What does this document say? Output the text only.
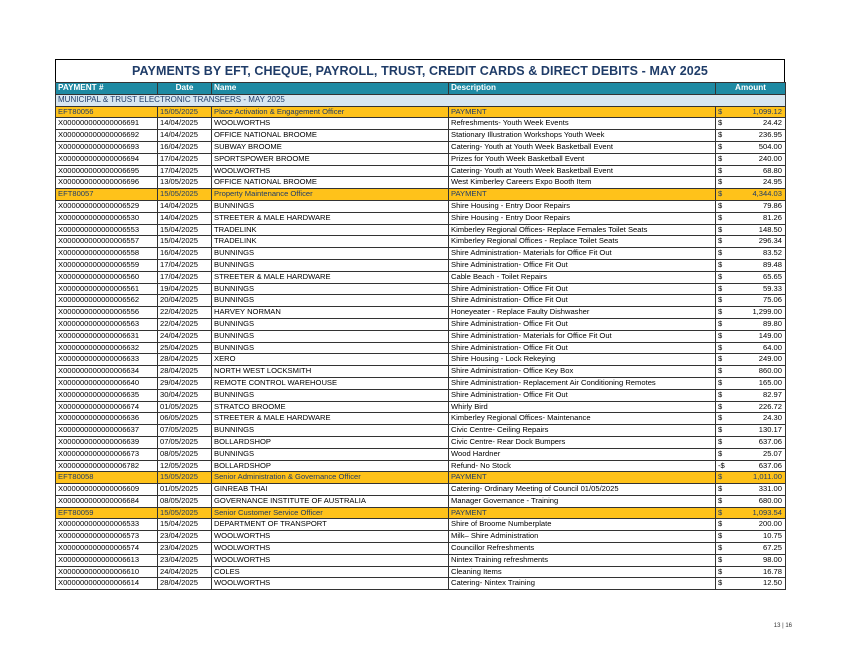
PAYMENTS BY EFT, CHEQUE, PAYROLL, TRUST, CREDIT CARDS & DIRECT DEBITS - MAY 2025
PAYMENT #	Date	Name	Description	Amount
MUNICIPAL & TRUST ELECTRONIC TRANSFERS - MAY 2025				
EFT80056	15/05/2025	Place Activation & Engagement Officer	PAYMENT	$ 1,099.12

X000000000000006691	14/04/2025	WOOLWORTHS	Refreshments- Youth Week Events	$ 24.42

X000000000000006692	14/04/2025	OFFICE NATIONAL BROOME	Stationary Illustration Workshops Youth Week	$ 236.95

X000000000000006693	16/04/2025	SUBWAY BROOME	Catering- Youth at Youth Week Basketball Event	$ 504.00

X000000000000006694	17/04/2025	SPORTSPOWER BROOME	Prizes for Youth Week Basketball Event	$ 240.00

X000000000000006695	17/04/2025	WOOLWORTHS	Catering- Youth at Youth Week Basketball Event	$ 68.80

X000000000000006696	13/05/2025	OFFICE NATIONAL BROOME	West Kimberley Careers Expo Booth Item	$ 24.95

EFT80057	15/05/2025	Property Maintenance Officer	PAYMENT	$ 4,344.03

X000000000000006529	14/04/2025	BUNNINGS	Shire Housing - Entry Door Repairs	$ 79.86

X000000000000006530	14/04/2025	STREETER & MALE HARDWARE	Shire Housing - Entry Door Repairs	$ 81.26

X000000000000006553	15/04/2025	TRADELINK	Kimberley Regional Offices- Replace Females Toilet Seats	$ 148.50

X000000000000006557	15/04/2025	TRADELINK	Kimberley Regional Offices - Replace Toilet Seats	$ 296.34

X000000000000006558	16/04/2025	BUNNINGS	Shire Administration- Materials for Office Fit Out	$ 83.52

X000000000000006559	17/04/2025	BUNNINGS	Shire Administration- Office Fit Out	$ 89.48

X000000000000006560	17/04/2025	STREETER & MALE HARDWARE	Cable Beach - Toilet Repairs	$ 65.65

X000000000000006561	19/04/2025	BUNNINGS	Shire Administration- Office Fit Out	$ 59.33

X000000000000006562	20/04/2025	BUNNINGS	Shire Administration- Office Fit Out	$ 75.06

X000000000000006556	22/04/2025	HARVEY NORMAN	Honeyeater - Replace Faulty Dishwasher	$ 1,299.00

X000000000000006563	22/04/2025	BUNNINGS	Shire Administration- Office Fit Out	$ 89.80

X000000000000006631	24/04/2025	BUNNINGS	Shire Administration- Materials for Office Fit Out	$ 149.00

X000000000000006632	25/04/2025	BUNNINGS	Shire Administration- Office Fit Out	$ 64.00

X000000000000006633	28/04/2025	XERO	Shire Housing - Lock Rekeying	$ 249.00

X000000000000006634	28/04/2025	NORTH WEST LOCKSMITH	Shire Administration- Office Key Box	$ 860.00

X000000000000006640	29/04/2025	REMOTE CONTROL WAREHOUSE	Shire Administration- Replacement Air Conditioning Remotes	$ 165.00

X000000000000006635	30/04/2025	BUNNINGS	Shire Administration- Office Fit Out	$ 82.97

X000000000000006674	01/05/2025	STRATCO BROOME	Whirly Bird	$ 226.72

X000000000000006636	06/05/2025	STREETER & MALE HARDWARE	Kimberley Regional Offices- Maintenance	$ 24.30

X000000000000006637	07/05/2025	BUNNINGS	Civic Centre- Ceiling Repairs	$ 130.17

X000000000000006639	07/05/2025	BOLLARDSHOP	Civic Centre- Rear Dock Bumpers	$ 637.06

X000000000000006673	08/05/2025	BUNNINGS	Wood Hardner	$ 25.07

X000000000000006782	12/05/2025	BOLLARDSHOP	Refund- No Stock	-$ 637.06

EFT80058	15/05/2025	Senior Administration & Governance Officer	PAYMENT	$ 1,011.00

X000000000000006609	01/05/2025	GINREAB THAI	Catering- Ordinary Meeting of Council 01/05/2025	$ 331.00

X000000000000006684	08/05/2025	GOVERNANCE INSTITUTE OF AUSTRALIA	Manager Governance - Training	$ 680.00

EFT80059	15/05/2025	Senior Customer Service Officer	PAYMENT	$ 1,093.54

X000000000000006533	15/04/2025	DEPARTMENT OF TRANSPORT	Shire of Broome Numberplate	$ 200.00

X000000000000006573	23/04/2025	WOOLWORTHS	Milk– Shire Administration	$ 10.75

X000000000000006574	23/04/2025	WOOLWORTHS	Councillor Refreshments	$ 67.25

X000000000000006613	23/04/2025	WOOLWORTHS	Nintex Training refreshments	$ 98.00

X000000000000006610	24/04/2025	COLES	Cleaning Items	$ 16.78

X000000000000006614	28/04/2025	WOOLWORTHS	Catering- Nintex Training	$ 12.50
13 | 16
